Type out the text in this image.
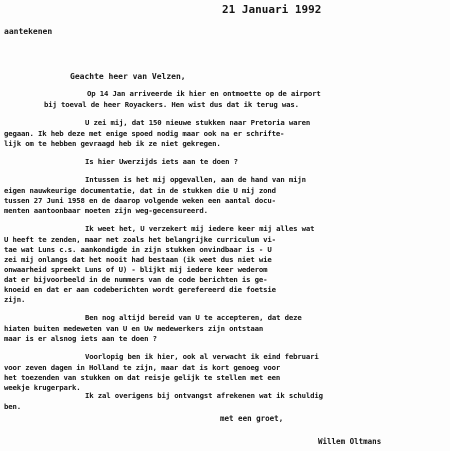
21 Januari 1992
aantekenen
Geachte heer van Velzen,
Op 14 Jan arriveerde ik hier en ontmoette op de airport
bij toeval de heer Royackers. Hen wist dus dat ik terug was.
U zei mij, dat 150 nieuwe stukken naar Pretoria waren
gegaan. Ik heb deze met enige spoed nodig maar ook na er schrifte-
lijk om te hebben gevraagd heb ik ze niet gekregen.
Is hier Uwerzijds iets aan te doen ?
Intussen is het mij opgevallen, aan de hand van mijn
eigen nauwkeurige documentatie, dat in de stukken die U mij zond
tussen 27 Juni 1958 en de daarop volgende weken een aantal docu-
menten aantoonbaar moeten zijn weg-gecensureerd.
Ik weet het, U verzekert mij iedere keer mij alles wat
U heeft te zenden, maar net zoals het belangrijke curriculum vi-
tae wat Luns c.s. aankondigde in zijn stukken onvindbaar is - U
zei mij onlangs dat het nooit had bestaan (ik weet dus niet wie
onwaarheid spreekt Luns of U) - blijkt mij iedere keer wederom
dat er bijvoorbeeld in de nummers van de code berichten is ge-
knoeid en dat er aan codeberichten wordt gerefereerd die foetsie
zijn.
Ben nog altijd bereid van U te accepteren, dat deze
hiaten buiten medeweten van U en Uw medewerkers zijn ontstaan
maar is er alsnog iets aan te doen ?
Voorlopig ben ik hier, ook al verwacht ik eind februari
voor zeven dagen in Holland te zijn, maar dat is kort genoeg voor
het toezenden van stukken om dat reisje gelijk te stellen met een
weekje krugerpark.
Ik zal overigens bij ontvangst afrekenen wat ik schuldig
ben.
met een groet,
Willem Oltmans
